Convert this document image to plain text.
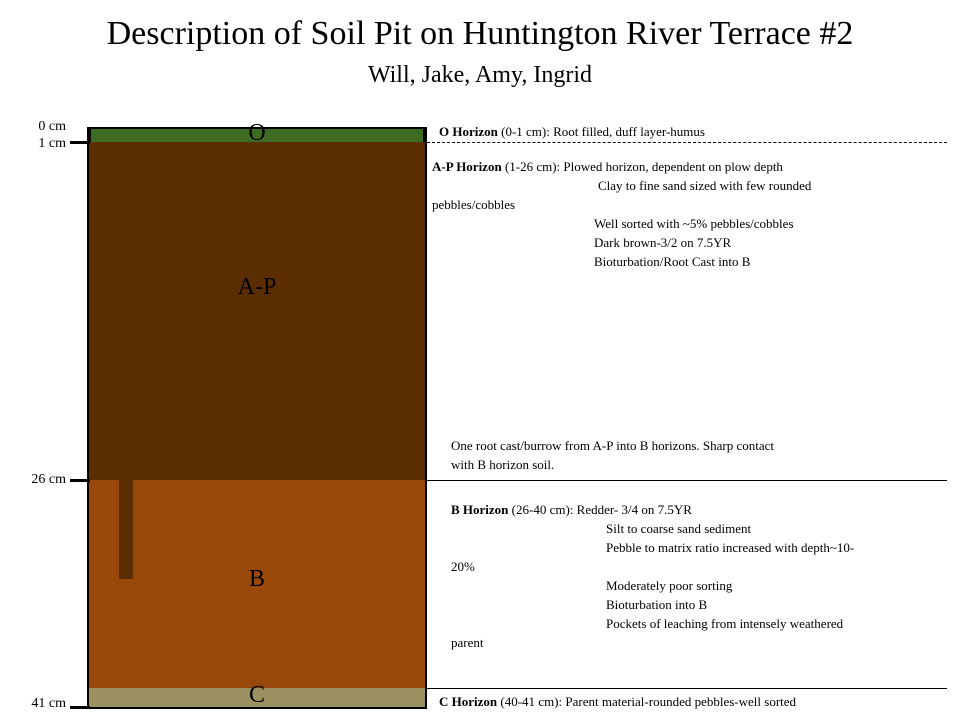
Description of Soil Pit on Huntington River Terrace #2
Will, Jake, Amy, Ingrid
O
A-P
B
C
0 cm
1 cm
26 cm
41 cm
O Horizon (0-1 cm): Root filled, duff layer-humus
A-P Horizon (1-26 cm): Plowed horizon, dependent on plow depth
Clay to fine sand sized with few rounded
pebbles/cobbles
Well sorted with ~5% pebbles/cobbles
Dark brown-3/2 on 7.5YR
Bioturbation/Root Cast into B
One root cast/burrow from A-P into B horizons. Sharp contact
with B horizon soil.
B Horizon (26-40 cm): Redder- 3/4 on 7.5YR
Silt to coarse sand sediment
Pebble to matrix ratio increased with depth~10-
20%
Moderately poor sorting
Bioturbation into B
Pockets of leaching from intensely weathered
parent
C Horizon (40-41 cm): Parent material-rounded pebbles-well sorted
